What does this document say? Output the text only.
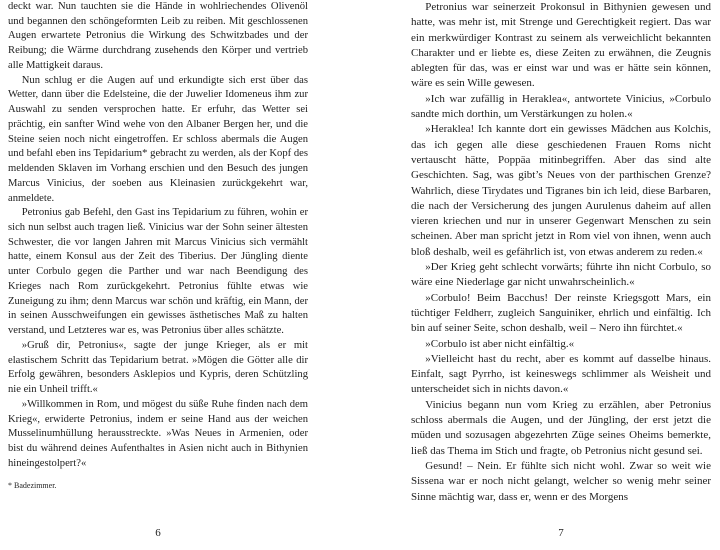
deckt war. Nun tauchten sie die Hände in wohlriechendes Olivenöl und begannen den schöngeformten Leib zu reiben. Mit geschlossenen Augen erwartete Petronius die Wirkung des Schwitzbades und der Reibung; die Wärme durchdrang zusehends den Körper und vertrieb alle Mattigkeit daraus.

Nun schlug er die Augen auf und erkundigte sich erst über das Wetter, dann über die Edelsteine, die der Juwelier Idomeneus ihm zur Auswahl zu senden versprochen hatte. Er erfuhr, das Wetter sei prächtig, ein sanfter Wind wehe von den Albaner Bergen her, und die Steine seien noch nicht eingetroffen. Er schloss abermals die Augen und befahl eben ins Tepidarium* gebracht zu werden, als der Kopf des meldenden Sklaven im Vorhang erschien und den Besuch des jungen Marcus Vinicius, der soeben aus Kleinasien zurückgekehrt war, anmeldete.

Petronius gab Befehl, den Gast ins Tepidarium zu führen, wohin er sich nun selbst auch tragen ließ. Vinicius war der Sohn seiner ältesten Schwester, die vor langen Jahren mit Marcus Vinicius sich vermählt hatte, einem Konsul aus der Zeit des Tiberius. Der Jüngling diente unter Corbulo gegen die Parther und war nach Beendigung des Krieges nach Rom zurückgekehrt. Petronius fühlte etwas wie Zuneigung zu ihm; denn Marcus war schön und kräftig, ein Mann, der in seinen Ausschweifungen ein gewisses ästhetisches Maß zu halten verstand, und Letzteres war es, was Petronius über alles schätzte.

»Gruß dir, Petronius«, sagte der junge Krieger, als er mit elastischem Schritt das Tepidarium betrat. »Mögen die Götter alle dir Erfolg gewähren, besonders Asklepios und Kypris, deren Schützling nie ein Unheil trifft.«

»Willkommen in Rom, und mögest du süße Ruhe finden nach dem Krieg«, erwiderte Petronius, indem er seine Hand aus der weichen Musselinumhüllung herausstreckte. »Was Neues in Armenien, oder bist du während deines Aufenthaltes in Asien nicht auch in Bithynien hineingestolpert?«

* Badezimmer.
6

Petronius war seinerzeit Prokonsul in Bithynien gewesen und hatte, was mehr ist, mit Strenge und Gerechtigkeit regiert. Das war ein merkwürdiger Kontrast zu seinem als verweichlicht bekannten Charakter und er liebte es, diese Zeiten zu erwähnen, die Zeugnis ablegten für das, was er einst war und was er hätte sein können, wäre es sein Wille gewesen.

»Ich war zufällig in Heraklea«, antwortete Vinicius, »Corbulo sandte mich dorthin, um Verstärkungen zu holen.«

»Heraklea! Ich kannte dort ein gewisses Mädchen aus Kolchis, das ich gegen alle diese geschiedenen Frauen Roms nicht vertauscht hätte, Poppäa mitinbegriffen. Aber das sind alte Geschichten. Sag, was gibt’s Neues von der parthischen Grenze? Wahrlich, diese Tirydates und Tigranes bin ich leid, diese Barbaren, die nach der Versicherung des jungen Aurulenus daheim auf allen vieren kriechen und nur in unserer Gegenwart Menschen zu sein scheinen. Aber man spricht jetzt in Rom viel von ihnen, wenn auch bloß deshalb, weil es gefährlich ist, von etwas anderem zu reden.«

»Der Krieg geht schlecht vorwärts; führte ihn nicht Corbulo, so wäre eine Niederlage gar nicht unwahrscheinlich.«

»Corbulo! Beim Bacchus! Der reinste Kriegsgott Mars, ein tüchtiger Feldherr, zugleich Sanguiniker, ehrlich und einfältig. Ich bin auf seiner Seite, schon deshalb, weil – Nero ihn fürchtet.«

»Corbulo ist aber nicht einfältig.«

»Vielleicht hast du recht, aber es kommt auf dasselbe hinaus. Einfalt, sagt Pyrrho, ist keineswegs schlimmer als Weisheit und unterscheidet sich in nichts davon.«

Vinicius begann nun vom Krieg zu erzählen, aber Petronius schloss abermals die Augen, und der Jüngling, der erst jetzt die müden und sozusagen abgezehrten Züge seines Oheims bemerkte, ließ das Thema im Stich und fragte, ob Petronius nicht gesund sei.

Gesund! – Nein. Er fühlte sich nicht wohl. Zwar so weit wie Sissena war er noch nicht gelangt, welcher so wenig mehr seiner Sinne mächtig war, dass er, wenn er des Morgens

7
